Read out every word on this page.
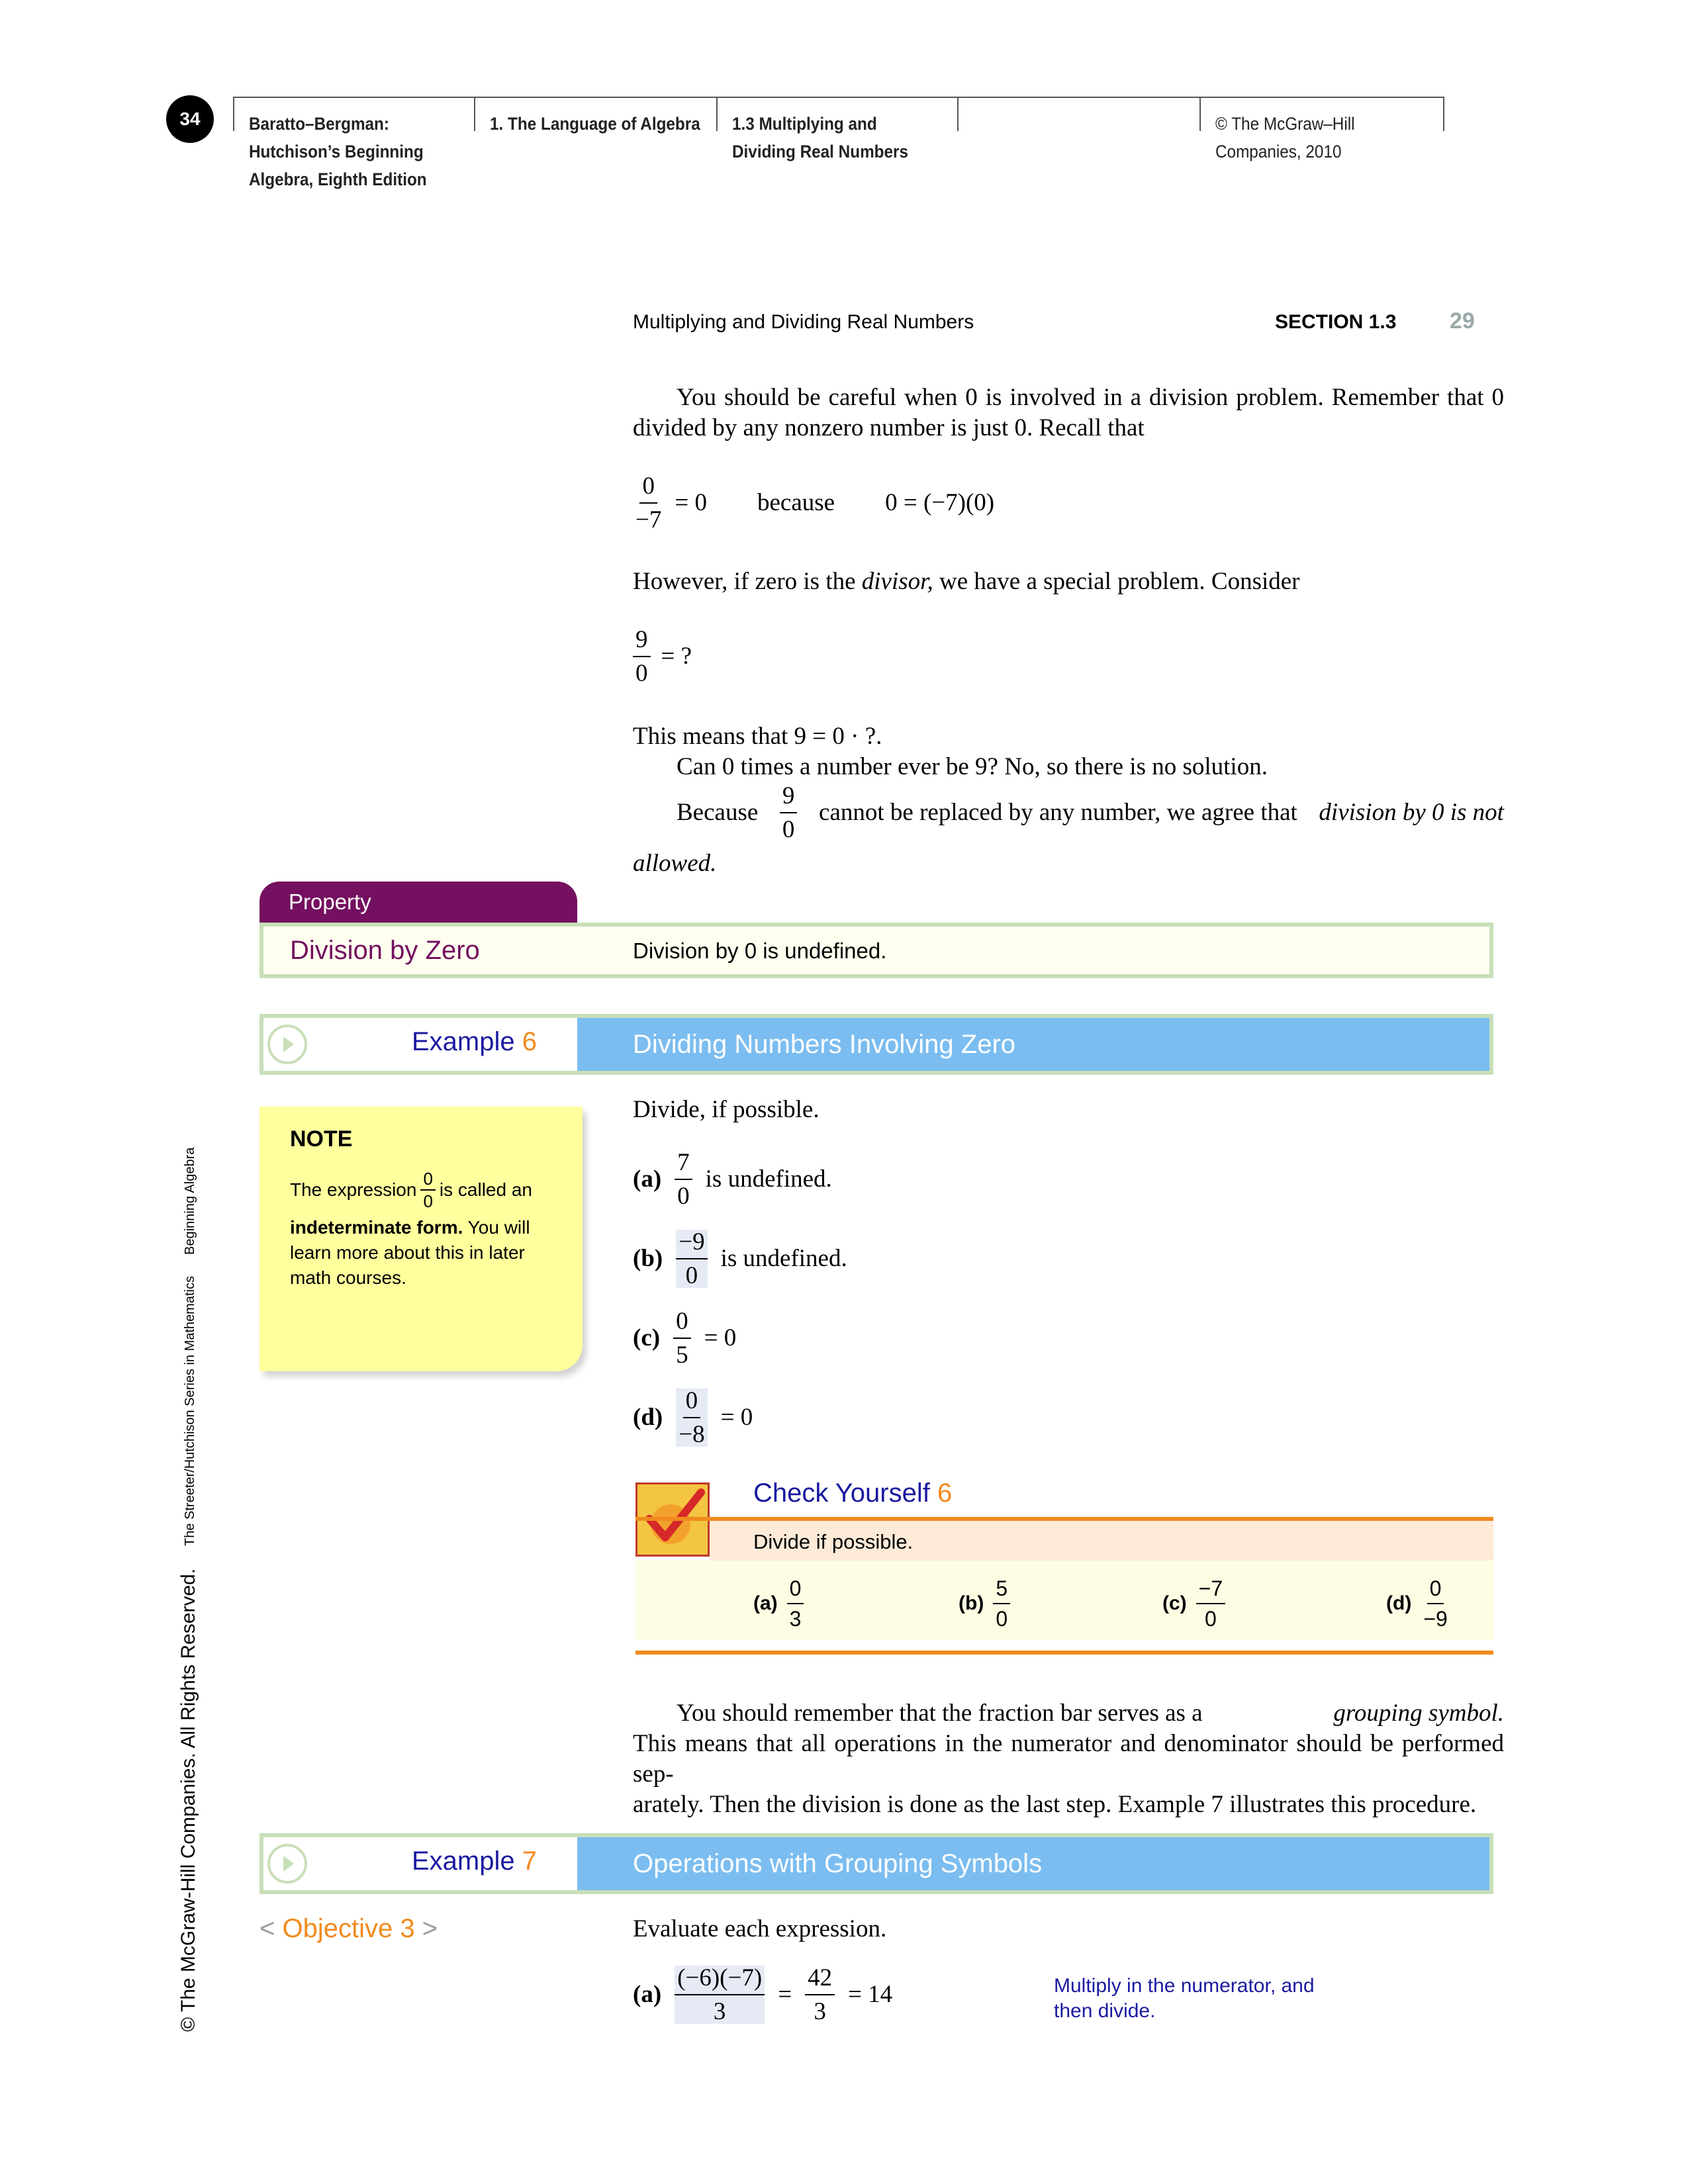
34	Baratto–Bergman:
Hutchison’s Beginning
Algebra, Eighth Edition
1. The Language of Algebra 1.3 Multiplying and
Dividing Real Numbers
© The McGraw–Hill
Companies, 2010
Multiplying and Dividing Real Numbers	SECTION 1.3 29
You should be careful when 0 is involved in a division problem. Remember that 0 divided by any nonzero number is just 0. Recall that
$\frac{0}{-7} = 0$ because 0 = (−7)(0)
However, if zero is the divisor, we have a special problem. Consider
$\frac{9}{0}$ = ?
This means that 9 = 0 · ?.
Can 0 times a number ever be 9? No, so there is no solution.
Because $\frac{9}{0}$ cannot be replaced by any number, we agree that division by 0 is not
allowed.
Property
Division by Zero	Division by 0 is undefined.
Example 6	Dividing Numbers Involving Zero
NOTE
The expression $\frac{0}{0}$ is called an
indeterminate form. You will
learn more about this in later
math courses.
Divide, if possible.
$(a) \frac{7}{0}$ is undefined.
$(b) \frac{-9}{0}$ is undefined.
$(c) \frac{0}{5} = 0$
$(d) \frac{0}{-8} = 0$
Check Yourself 6
Divide if possible.
$(a) \frac{0}{3}$	$(b) \frac{5}{0}$	$(c) \frac{-7}{0}$	$(d) \frac{0}{-9}$
You should remember that the fraction bar serves as a	grouping symbol.
This means that all operations in the numerator and denominator should be performed sep-
arately. Then the division is done as the last step. Example 7 illustrates this procedure.
Example 7	Operations with Grouping Symbols
< Objective 3 >	Evaluate each expression.
$(a) \frac{(-6)(-7)}{3} = \frac{42}{3} = 14$	Multiply in the numerator, and
then divide.
© The McGraw-Hill Companies. All Rights Reserved.
The Streeter/Hutchison Series in Mathematics
Beginning Algebra
